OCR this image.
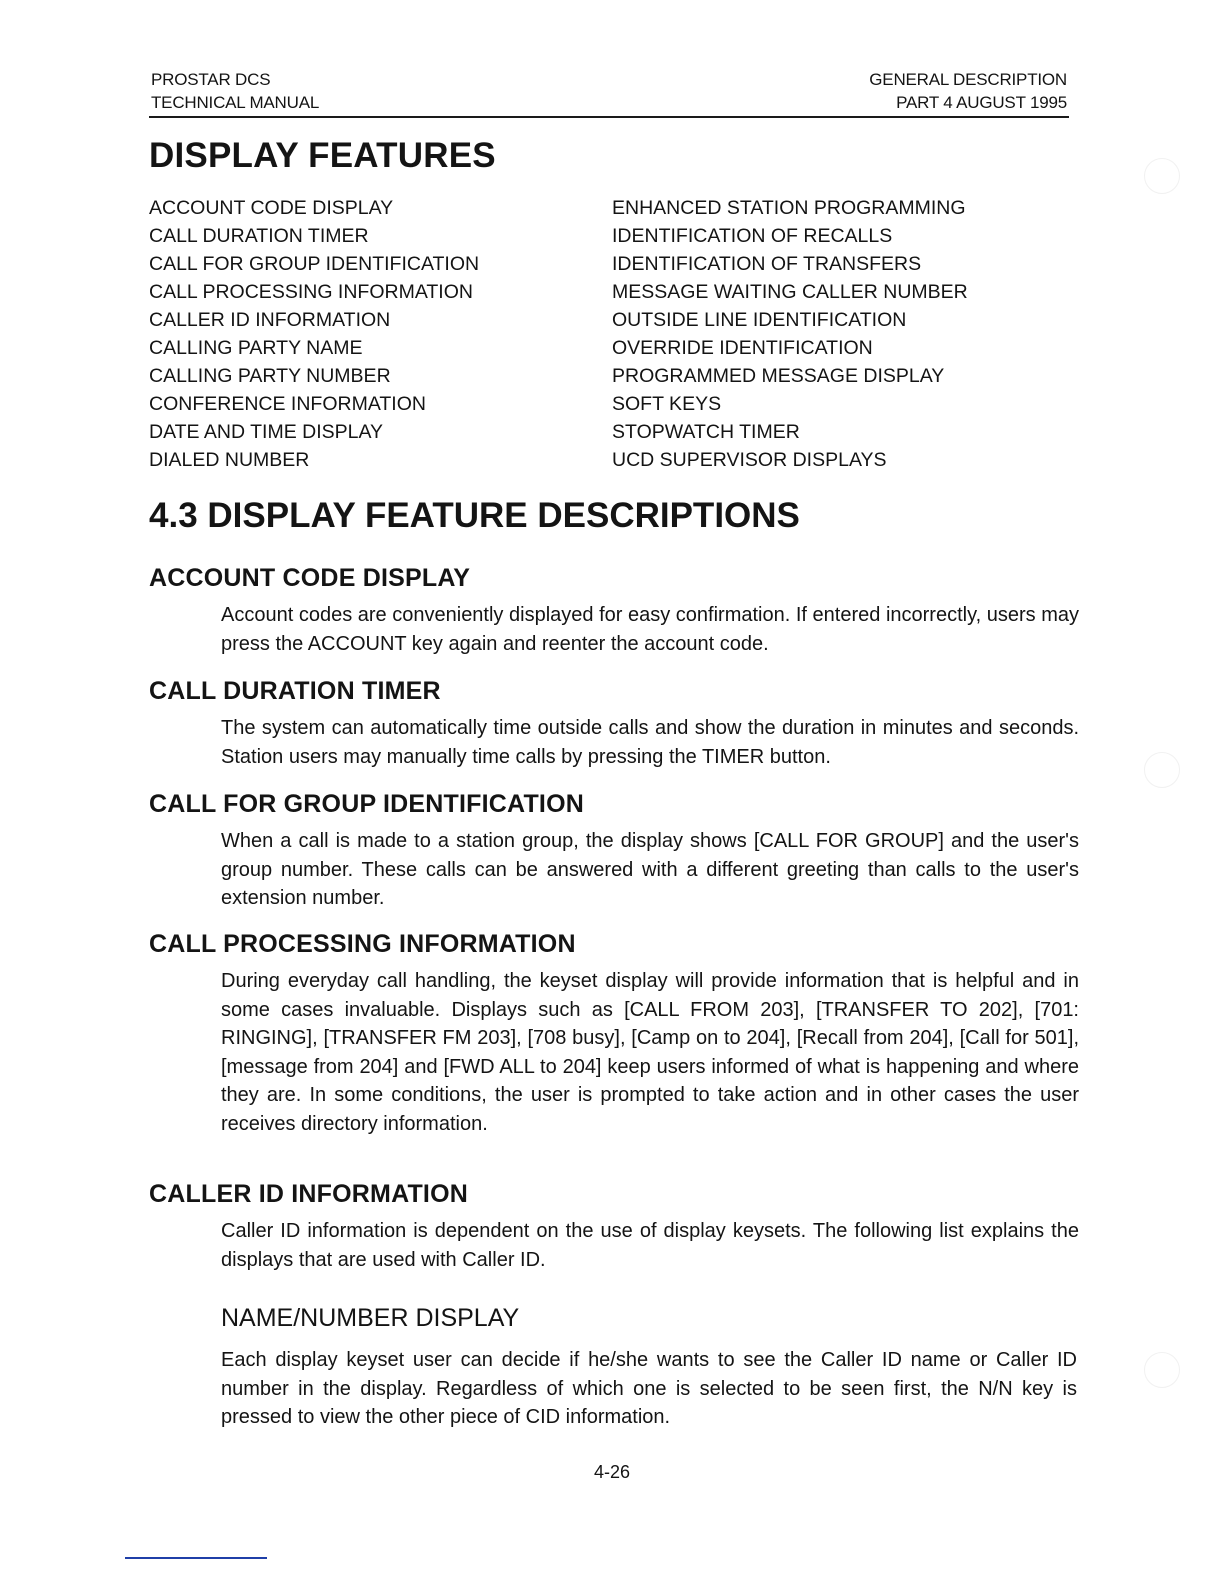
PROSTAR DCS
TECHNICAL MANUAL
GENERAL DESCRIPTION
PART 4 AUGUST 1995
DISPLAY FEATURES
ACCOUNT CODE DISPLAY
CALL DURATION TIMER
CALL FOR GROUP IDENTIFICATION
CALL PROCESSING INFORMATION
CALLER ID INFORMATION
CALLING PARTY NAME
CALLING PARTY NUMBER
CONFERENCE INFORMATION
DATE AND TIME DISPLAY
DIALED NUMBER
ENHANCED STATION PROGRAMMING
IDENTIFICATION OF RECALLS
IDENTIFICATION OF TRANSFERS
MESSAGE WAITING CALLER NUMBER
OUTSIDE LINE IDENTIFICATION
OVERRIDE IDENTIFICATION
PROGRAMMED MESSAGE DISPLAY
SOFT KEYS
STOPWATCH TIMER
UCD SUPERVISOR DISPLAYS
4.3 DISPLAY FEATURE DESCRIPTIONS
ACCOUNT CODE DISPLAY

Account codes are conveniently displayed for easy confirmation. If entered incorrectly, users may press the ACCOUNT key again and reenter the account code.

CALL DURATION TIMER

The system can automatically time outside calls and show the duration in minutes and seconds. Station users may manually time calls by pressing the TIMER button.

CALL FOR GROUP IDENTIFICATION

When a call is made to a station group, the display shows [CALL FOR GROUP] and the user's group number. These calls can be answered with a different greeting than calls to the user's extension number.

CALL PROCESSING INFORMATION

During everyday call handling, the keyset display will provide information that is helpful and in some cases invaluable. Displays such as [CALL FROM 203], [TRANSFER TO 202], [701: RINGING], [TRANSFER FM 203], [708 busy], [Camp on to 204], [Recall from 204], [Call for 501], [message from 204] and [FWD ALL to 204] keep users informed of what is happening and where they are. In some conditions, the user is prompted to take action and in other cases the user receives directory information.

CALLER ID INFORMATION

Caller ID information is dependent on the use of display keysets. The following list explains the displays that are used with Caller ID.

NAME/NUMBER DISPLAY

Each display keyset user can decide if he/she wants to see the Caller ID name or Caller ID number in the display. Regardless of which one is selected to be seen first, the N/N key is pressed to view the other piece of CID information.

4-26
